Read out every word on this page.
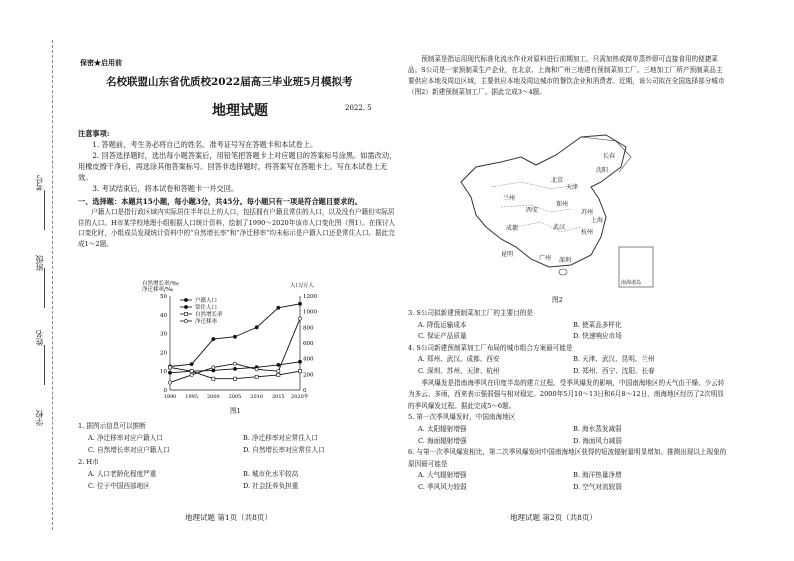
考号
班级
姓名
学校
保密★启用前
名校联盟山东省优质校2022届高三毕业班5月模拟考
地理试题	2022. 5
注意事项:
1. 答题前，考生务必将自己的姓名、准考证号写在答题卡和本试卷上。
2. 回答选择题时，选出每小题答案后，用铅笔把答题卡上对应题目的答案标号涂黑。如需改动，用橡皮擦干净后，再选涂其他答案标号。回答非选择题时，将答案写在答题卡上。写在本试卷上无效。
3. 考试结束后，将本试卷和答题卡一并交回。
一、选择题：本题共15小题，每小题3分，共45分。每小题只有一项是符合题目要求的。
户籍人口是指行政区域内实际居住半年以上的人口，包括拥有户籍且常住的人口，以及没有户籍但实际居住的人口。H市某学校地理小组根据人口统计资料，绘制了1990～2020年该市人口变化图（图1）。在探讨人口变化时，小组成员发现统计资料中的“自然增长率”和“净迁移率”均未标示是户籍人口还是常住人口。据此完成1～2题。
自然增长率/‰
净迁移率/‰
人口/万人
0
10
20
30
40
50
0
200
400
600
800
1000
1200
1990 1995 2000 2005 2010 2015 2020年
户籍人口
常住人口
自然增长率
净迁移率
图1
1. 据图示信息可以推断
A. 净迁移率对应户籍人口	B. 净迁移率对应常住人口
C. 自然增长率对应户籍人口	D. 自然增长率对应常住人口
2. H市
A. 人口老龄化程度严重	B. 城市化水平较高
C. 位于中国西部地区	D. 社会抚养负担重
预制菜是指运用现代标准化流水作业对原料进行前期加工，只需加热或简单蒸炒即可直接食用的便捷菜品。S公司是一家预制菜生产企业，在北京、上海和广州三地建有预制菜加工厂。三地加工厂所产预制菜品主要供应本地及周边区域，主要供应本地及周边城市的餐饮企业和消费者。近期，该公司拟在全国选择部分城市（图2）新建预制菜加工厂。据此完成3～4题。
北京
郑州
上海
西安
成都	武汉
杭州
深圳
广州
昆明
天津
沈阳
长春
兰州
苏州
南海诸岛
图2
3. S公司拟新建预制菜加工厂的主要目的是
A. 降低运输成本	B. 使菜品多样化
C. 保证产品质量	D. 快速响应市场
4. S公司新建预制菜加工厂布局的城市组合方案最可能是
A. 郑州、武汉、成都、西安	B. 天津、武汉、昆明、兰州
C. 深圳、苏州、天津、杭州	D. 郑州、西宁、沈阳、长春
季风爆发是指南海季风在印度半岛的建立过程。受季风爆发的影响，中国南海地区的天气由干燥、少云转为多云、多雨，西来表示强弱强与相对稳定。2000年5月10～13日和6月8～12日，南海地区经历了2次明显的季风爆发过程。据此完成5～6题。
5. 第一次季风爆发时，中国南海地区
A. 太阳辐射增强	B. 海水蒸发减弱
C. 海面辐射增强	D. 海面风力减弱
6. 与第一次季风爆发相比，第二次季风爆发时中国南海地区获得的短波辐射量明显增加。推测出现以上现象的原因最可能是
A. 大气辐射增强	B. 海洋热量净增
C. 季风风力较弱	D. 空气对流较弱
地理试题 第1页（共8页）	地理试题 第2页（共8页）
